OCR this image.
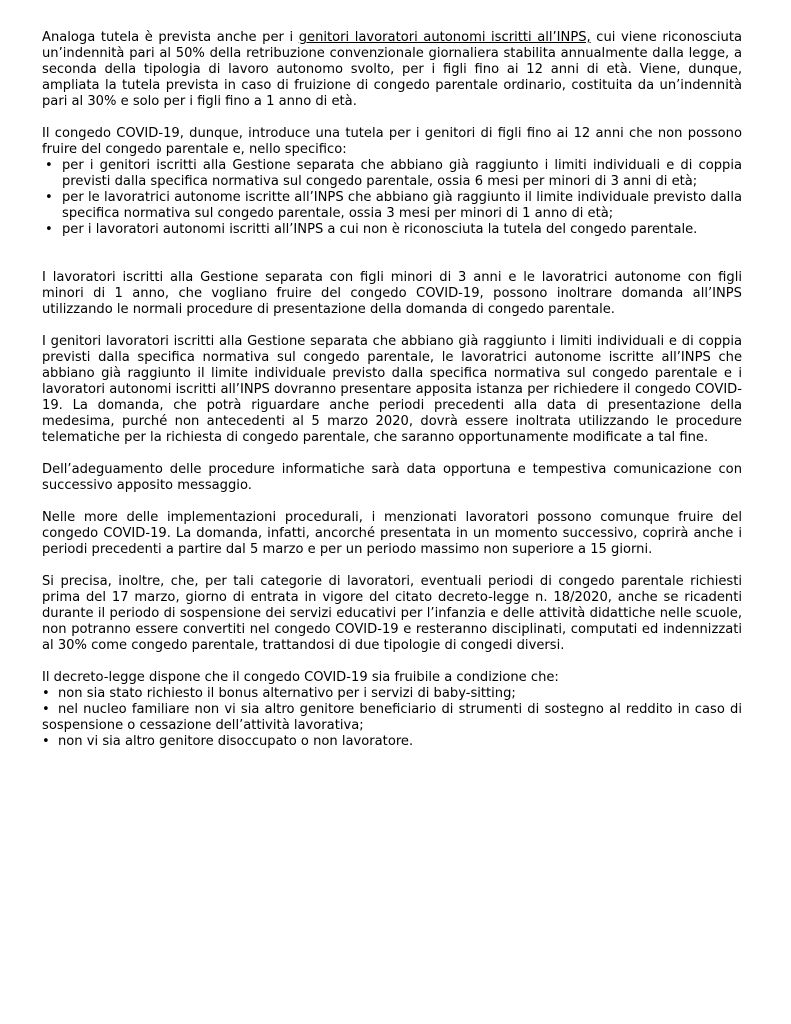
Analoga tutela è prevista anche per i genitori lavoratori autonomi iscritti all’INPS, cui viene riconosciuta un’indennità pari al 50% della retribuzione convenzionale giornaliera stabilita annualmente dalla legge, a seconda della tipologia di lavoro autonomo svolto, per i figli fino ai 12 anni di età. Viene, dunque, ampliata la tutela prevista in caso di fruizione di congedo parentale ordinario, costituita da un’indennità pari al 30% e solo per i figli fino a 1 anno di età.

Il congedo COVID-19, dunque, introduce una tutela per i genitori di figli fino ai 12 anni che non possono fruire del congedo parentale e, nello specifico:

• per i genitori iscritti alla Gestione separata che abbiano già raggiunto i limiti individuali e di coppia previsti dalla specifica normativa sul congedo parentale, ossia 6 mesi per minori di 3 anni di età;
• per le lavoratrici autonome iscritte all’INPS che abbiano già raggiunto il limite individuale previsto dalla specifica normativa sul congedo parentale, ossia 3 mesi per minori di 1 anno di età;
• per i lavoratori autonomi iscritti all’INPS a cui non è riconosciuta la tutela del congedo parentale.

I lavoratori iscritti alla Gestione separata con figli minori di 3 anni e le lavoratrici autonome con figli minori di 1 anno, che vogliano fruire del congedo COVID-19, possono inoltrare domanda all’INPS utilizzando le normali procedure di presentazione della domanda di congedo parentale.

I genitori lavoratori iscritti alla Gestione separata che abbiano già raggiunto i limiti individuali e di coppia previsti dalla specifica normativa sul congedo parentale, le lavoratrici autonome iscritte all’INPS che abbiano già raggiunto il limite individuale previsto dalla specifica normativa sul congedo parentale e i lavoratori autonomi iscritti all’INPS dovranno presentare apposita istanza per richiedere il congedo COVID-19. La domanda, che potrà riguardare anche periodi precedenti alla data di presentazione della medesima, purché non antecedenti al 5 marzo 2020, dovrà essere inoltrata utilizzando le procedure telematiche per la richiesta di congedo parentale, che saranno opportunamente modificate a tal fine.

Dell’adeguamento delle procedure informatiche sarà data opportuna e tempestiva comunicazione con successivo apposito messaggio.

Nelle more delle implementazioni procedurali, i menzionati lavoratori possono comunque fruire del congedo COVID-19. La domanda, infatti, ancorché presentata in un momento successivo, coprirà anche i periodi precedenti a partire dal 5 marzo e per un periodo massimo non superiore a 15 giorni.

Si precisa, inoltre, che, per tali categorie di lavoratori, eventuali periodi di congedo parentale richiesti prima del 17 marzo, giorno di entrata in vigore del citato decreto-legge n. 18/2020, anche se ricadenti durante il periodo di sospensione dei servizi educativi per l’infanzia e delle attività didattiche nelle scuole, non potranno essere convertiti nel congedo COVID-19 e resteranno disciplinati, computati ed indennizzati al 30% come congedo parentale, trattandosi di due tipologie di congedi diversi.

Il decreto-legge dispone che il congedo COVID-19 sia fruibile a condizione che:

• non sia stato richiesto il bonus alternativo per i servizi di baby-sitting;
• nel nucleo familiare non vi sia altro genitore beneficiario di strumenti di sostegno al reddito in caso di sospensione o cessazione dell’attività lavorativa;
• non vi sia altro genitore disoccupato o non lavoratore.
